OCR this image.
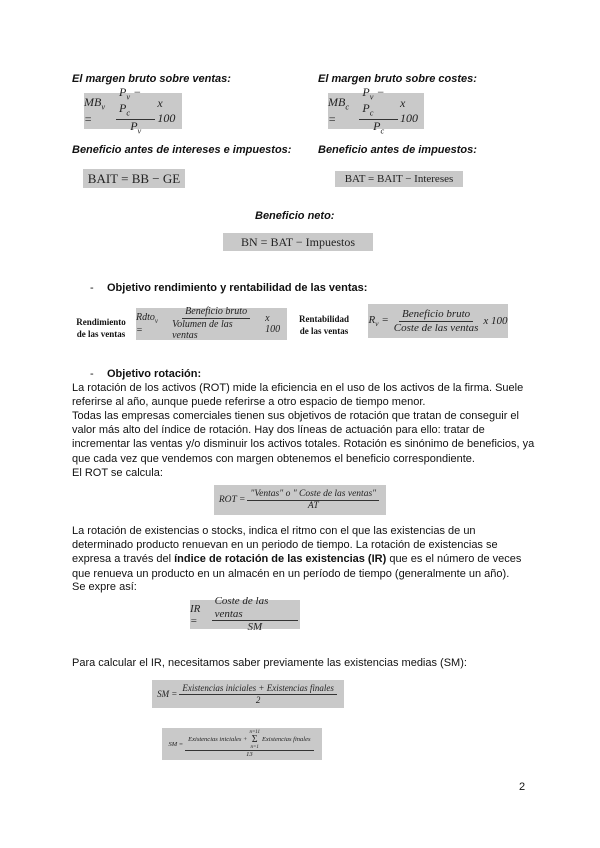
El margen bruto sobre ventas:	El margen bruto sobre costes:
$MB_v$ =	$\frac{P_v - P_c}{P_v}$ x 100
$MB_c$ =	$\frac{P_v - P_c}{P_c}$ x 100
Beneficio antes de intereses e impuestos: Beneficio antes de impuestos:
BAIT = BB − GE	BAT = BAIT − Intereses
Beneficio neto:
BN = BAT − Impuestos
- Objetivo rendimiento y rentabilidad de las ventas:
Rendimiento
de las ventas
Rdto$_v$ =	$\frac{\text{Beneficio bruto}}{\text{Volumen de las ventas}}$ x 100
Rentabilidad
de las ventas
$R_v = \frac{\text{Beneficio bruto}}{\text{Coste de las ventas}}$ x 100
- Objetivo rotación:
La rotación de los activos (ROT) mide la eficiencia en el uso de los activos de la firma. Suele referirse al año, aunque puede referirse a otro espacio de tiempo menor.
Todas las empresas comerciales tienen sus objetivos de rotación que tratan de conseguir el valor más alto del índice de rotación. Hay dos líneas de actuación para ello: tratar de incrementar las ventas y/o disminuir los activos totales. Rotación es sinónimo de beneficios, ya que cada vez que vendemos con margen obtenemos el beneficio correspondiente.
El ROT se calcula:
ROT = $\frac{\text{"Ventas" o " Coste de las ventas"}}{AT}$
La rotación de existencias o stocks, indica el ritmo con el que las existencias de un determinado producto renuevan en un periodo de tiempo. La rotación de existencias se expresa a través del índice de rotación de las existencias (IR) que es el número de veces que renueva un producto en un almacén en un período de tiempo (generalmente un año).
Se expre así:
IR =	$\frac{\text{Coste de las ventas}}{SM}$
Para calcular el IR, necesitamos saber previamente las existencias medias (SM):
SM = $\frac{\text{Existencias iniciales + Existencias finales}}{2}$
SM =
Existencias iniciales +
n=11
Σ
n=1
Existencias finales
13
2
